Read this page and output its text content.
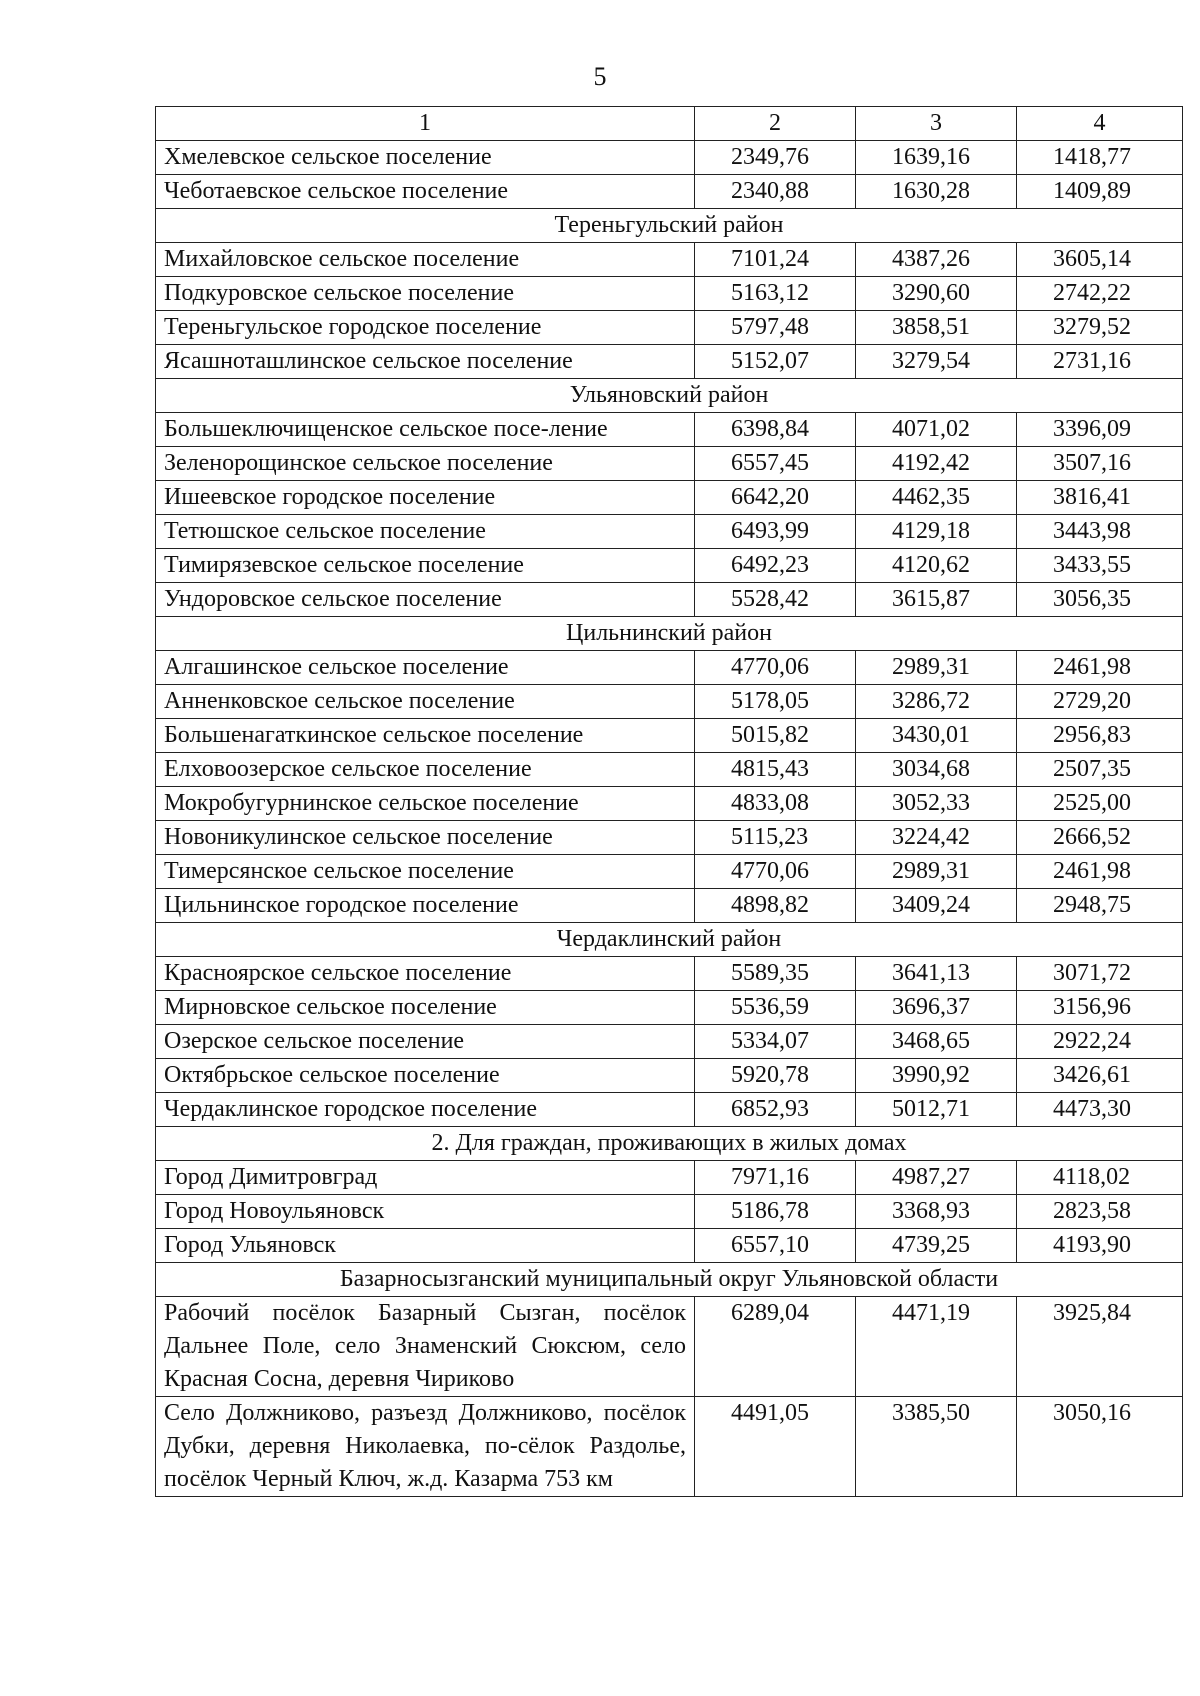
5
1	2	3	4
Хмелевское сельское поселение	2349,76	1639,16	1418,77
Чеботаевское сельское поселение	2340,88	1630,28	1409,89
Тереньгульский район			
Михайловское сельское поселение	7101,24	4387,26	3605,14
Подкуровское сельское поселение	5163,12	3290,60	2742,22
Тереньгульское городское поселение	5797,48	3858,51	3279,52
Ясашноташлинское сельское поселение	5152,07	3279,54	2731,16
Ульяновский район			
Большеключищенское сельское посе-ление	6398,84	4071,02	3396,09
Зеленорощинское сельское поселение	6557,45	4192,42	3507,16
Ишеевское городское поселение	6642,20	4462,35	3816,41
Тетюшское сельское поселение	6493,99	4129,18	3443,98
Тимирязевское сельское поселение	6492,23	4120,62	3433,55
Ундоровское сельское поселение	5528,42	3615,87	3056,35
Цильнинский район			
Алгашинское сельское поселение	4770,06	2989,31	2461,98
Анненковское сельское поселение	5178,05	3286,72	2729,20
Большенагаткинское сельское поселение	5015,82	3430,01	2956,83
Елховоозерское сельское поселение	4815,43	3034,68	2507,35
Мокробугурнинское сельское поселение	4833,08	3052,33	2525,00
Новоникулинское сельское поселение	5115,23	3224,42	2666,52
Тимерсянское сельское поселение	4770,06	2989,31	2461,98
Цильнинское городское поселение	4898,82	3409,24	2948,75
Чердаклинский район			
Красноярское сельское поселение	5589,35	3641,13	3071,72
Мирновское сельское поселение	5536,59	3696,37	3156,96
Озерское сельское поселение	5334,07	3468,65	2922,24
Октябрьское сельское поселение	5920,78	3990,92	3426,61
Чердаклинское городское поселение	6852,93	5012,71	4473,30
2. Для граждан, проживающих в жилых домах			
Город Димитровград	7971,16	4987,27	4118,02
Город Новоульяновск	5186,78	3368,93	2823,58
Город Ульяновск	6557,10	4739,25	4193,90
Базарносызганский муниципальный округ Ульяновской области			
Рабочий посёлок Базарный Сызган, посёлок Дальнее Поле, село Знаменский Сюксюм, село Красная Сосна, деревня Чириково	6289,04	4471,19	3925,84
Село Должниково, разъезд Должниково, посёлок Дубки, деревня Николаевка, по-сёлок Раздолье, посёлок Черный Ключ, ж.д. Казарма 753 км	4491,05	3385,50	3050,16
